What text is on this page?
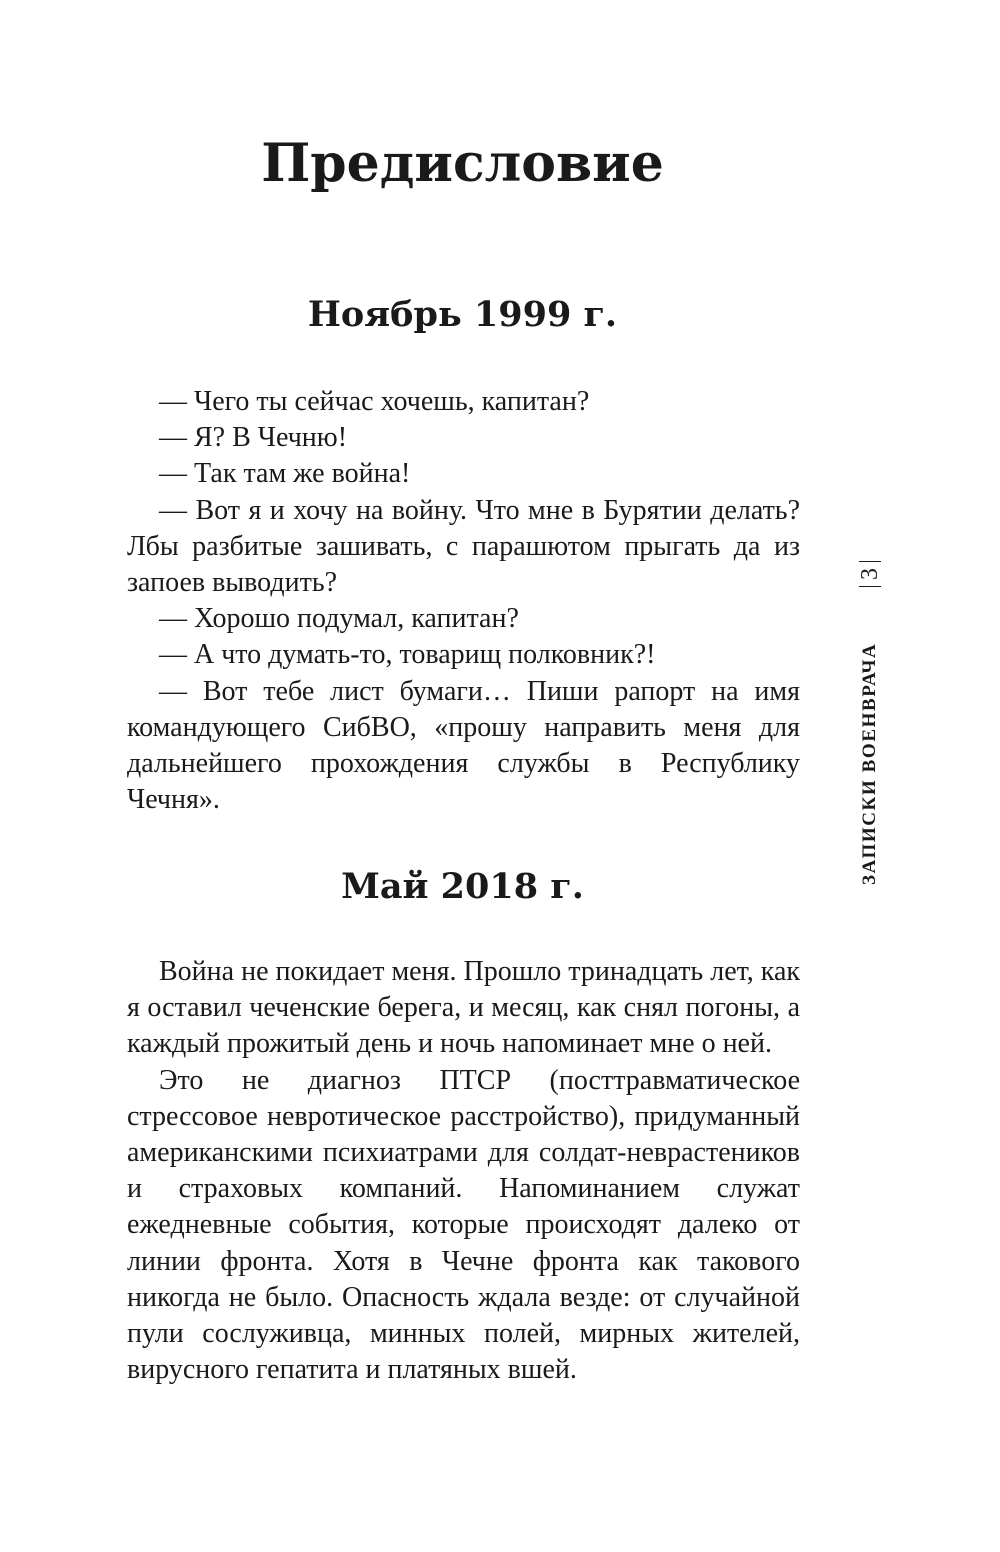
Предисловие
Ноябрь 1999 г.

— Чего ты сейчас хочешь, капитан?

— Я? В Чечню!

— Так там же война!

— Вот я и хочу на войну. Что мне в Бурятии делать? Лбы разбитые зашивать, с парашютом прыгать да из запоев выводить?

— Хорошо подумал, капитан?

— А что думать-то, товарищ полковник?!

— Вот тебе лист бумаги… Пиши рапорт на имя командующего СибВО, «прошу направить меня для дальнейшего прохождения службы в Республику Чечня».

Май 2018 г.

Война не покидает меня. Прошло тринадцать лет, как я оставил чеченские берега, и месяц, как снял погоны, а каждый прожитый день и ночь напоминает мне о ней.

Это не диагноз ПТСР (посттравматическое стрессовое невротическое расстройство), придуманный американскими психиатрами для солдат-неврастеников и страховых компаний. Напоминанием служат ежедневные события, которые происходят далеко от линии фронта. Хотя в Чечне фронта как такового никогда не было. Опасность ждала везде: от случайной пули сослуживца, минных полей, мирных жителей, вирусного гепатита и платяных вшей.

ЗАПИСКИ ВОЕНВРАЧА
3
